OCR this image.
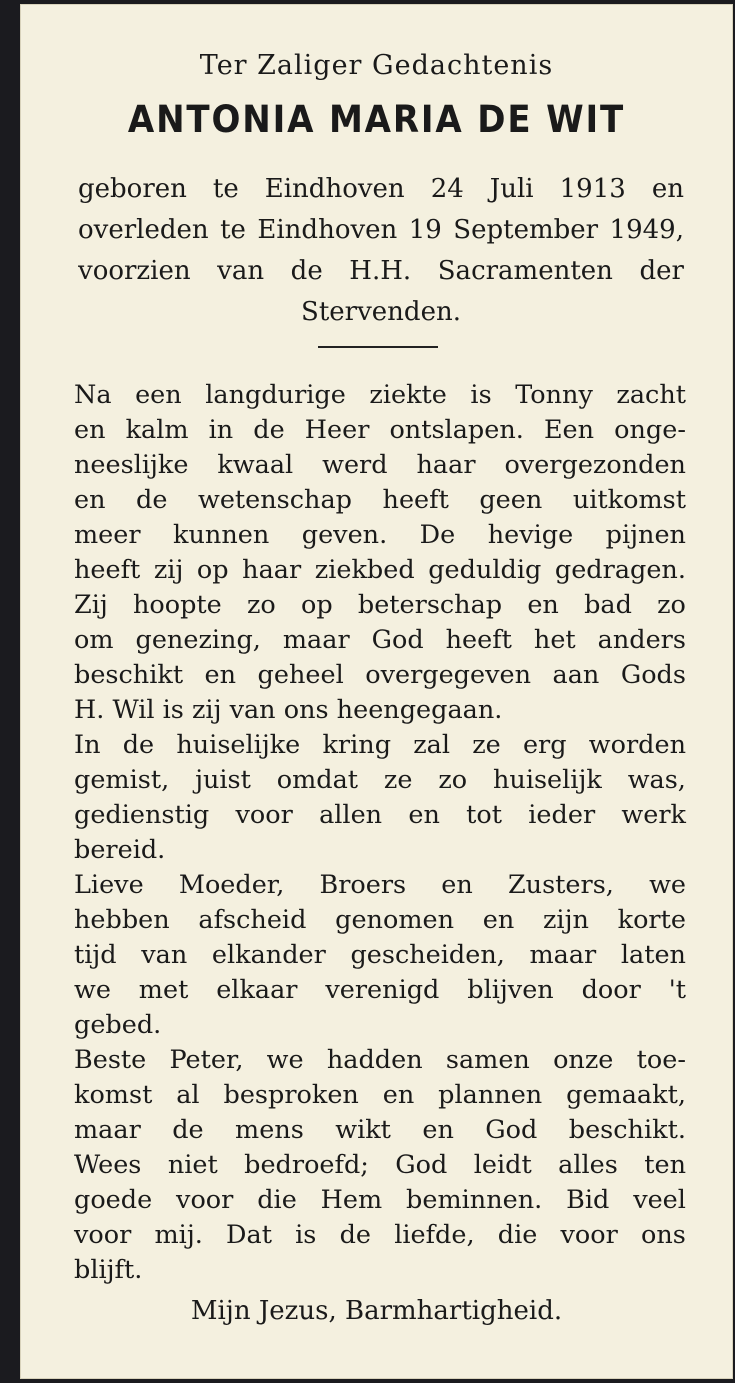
Ter Zaliger Gedachtenis
ANTONIA MARIA DE WIT
geboren te Eindhoven 24 Juli 1913 en
overleden te Eindhoven 19 September 1949,
voorzien van de H.H. Sacramenten der
Stervenden.
Na een langdurige ziekte is Tonny zacht
en kalm in de Heer ontslapen. Een onge-
neeslijke kwaal werd haar overgezonden
en de wetenschap heeft geen uitkomst
meer kunnen geven. De hevige pijnen
heeft zij op haar ziekbed geduldig gedragen.
Zij hoopte zo op beterschap en bad zo
om genezing, maar God heeft het anders
beschikt en geheel overgegeven aan Gods
H. Wil is zij van ons heengegaan.
In de huiselijke kring zal ze erg worden
gemist, juist omdat ze zo huiselijk was,
gedienstig voor allen en tot ieder werk
bereid.
Lieve Moeder, Broers en Zusters, we
hebben afscheid genomen en zijn korte
tijd van elkander gescheiden, maar laten
we met elkaar verenigd blijven door 't
gebed.
Beste Peter, we hadden samen onze toe-
komst al besproken en plannen gemaakt,
maar de mens wikt en God beschikt.
Wees niet bedroefd; God leidt alles ten
goede voor die Hem beminnen. Bid veel
voor mij. Dat is de liefde, die voor ons
blijft.
Mijn Jezus, Barmhartigheid.
